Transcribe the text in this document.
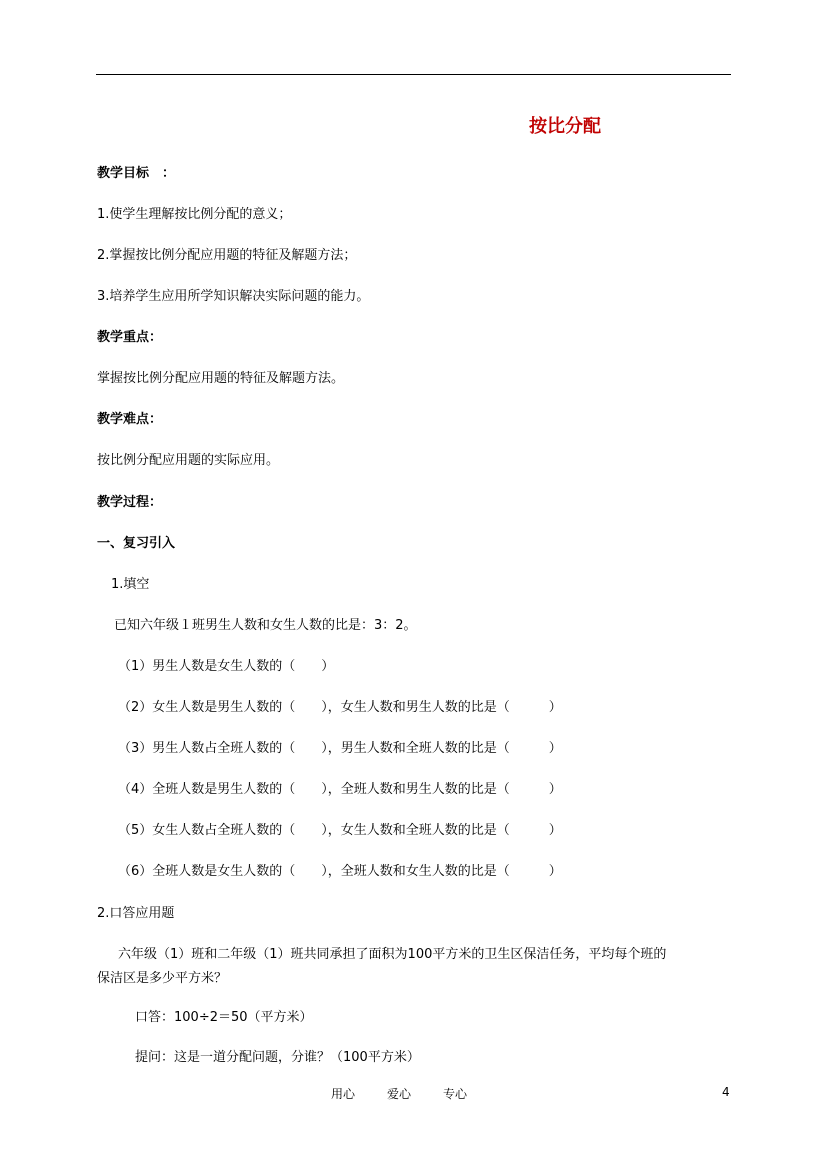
按比分配
教学目标　：
1.使学生理解按比例分配的意义；
2.掌握按比例分配应用题的特征及解题方法；
3.培养学生应用所学知识解决实际问题的能力。
教学重点：
掌握按比例分配应用题的特征及解题方法。
教学难点：
按比例分配应用题的实际应用。
教学过程：
一、复习引入
1.填空
已知六年级１班男生人数和女生人数的比是：3：2。
（1）男生人数是女生人数的（　　）
（2）女生人数是男生人数的（　　），女生人数和男生人数的比是（　　　）
（3）男生人数占全班人数的（　　），男生人数和全班人数的比是（　　　）
（4）全班人数是男生人数的（　　），全班人数和男生人数的比是（　　　）
（5）女生人数占全班人数的（　　），女生人数和全班人数的比是（　　　）
（6）全班人数是女生人数的（　　），全班人数和女生人数的比是（　　　）
2.口答应用题
六年级（1）班和二年级（1）班共同承担了面积为100平方米的卫生区保洁任务，平均每个班的
保洁区是多少平方米？
口答：100÷2＝50（平方米）
提问：这是一道分配问题，分谁？（100平方米）
用心	爱心	专心	4
